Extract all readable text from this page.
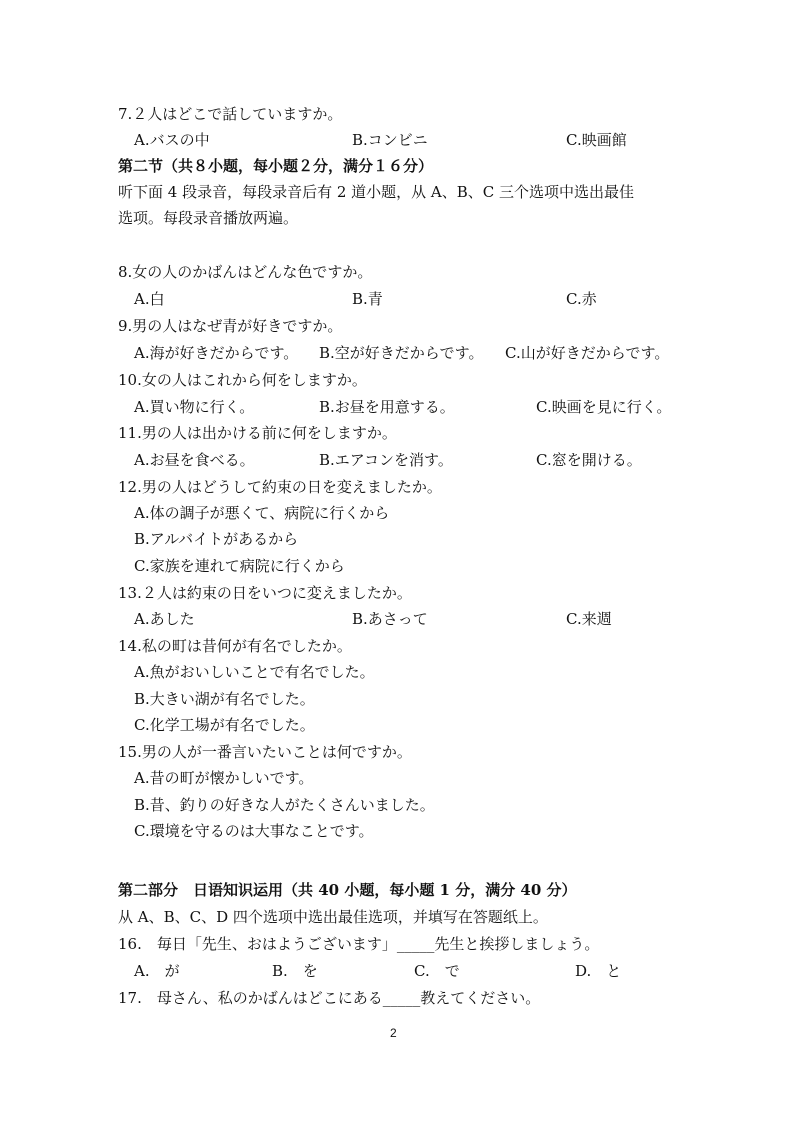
7.２人はどこで話していますか。
A.バスの中	B.コンビニ	C.映画館
第二节（共８小题，每小题２分，满分１６分）
听下面 4 段录音，每段录音后有 2 道小题，从 A、B、C 三个选项中选出最佳
选项。每段录音播放两遍。
8.女の人のかばんはどんな色ですか。
A.白	B.青	C.赤
9.男の人はなぜ青が好きですか。
A.海が好きだからです。 B.空が好きだからです。 C.山が好きだからです。
10.女の人はこれから何をしますか。
A.買い物に行く。	B.お昼を用意する。	C.映画を見に行く。
11.男の人は出かける前に何をしますか。
A.お昼を食べる。	B.エアコンを消す。	C.窓を開ける。
12.男の人はどうして約束の日を変えましたか。
A.体の調子が悪くて、病院に行くから
B.アルバイトがあるから
C.家族を連れて病院に行くから
13.２人は約束の日をいつに変えましたか。
A.あした	B.あさって	C.来週
14.私の町は昔何が有名でしたか。
A.魚がおいしいことで有名でした。
B.大きい湖が有名でした。
C.化学工場が有名でした。
15.男の人が一番言いたいことは何ですか。
A.昔の町が懐かしいです。
B.昔、釣りの好きな人がたくさんいました。
C.環境を守るのは大事なことです。
第二部分　日语知识运用（共 40 小题，每小题 1 分，满分 40 分）
从 A、B、C、D 四个选项中选出最佳选项，并填写在答题纸上。
16.　毎日「先生、おはようございます」_____先生と挨拶しましょう。
A.　が	B.　を	C.　で	D.　と
17.　母さん、私のかばんはどこにある_____教えてください。
2
